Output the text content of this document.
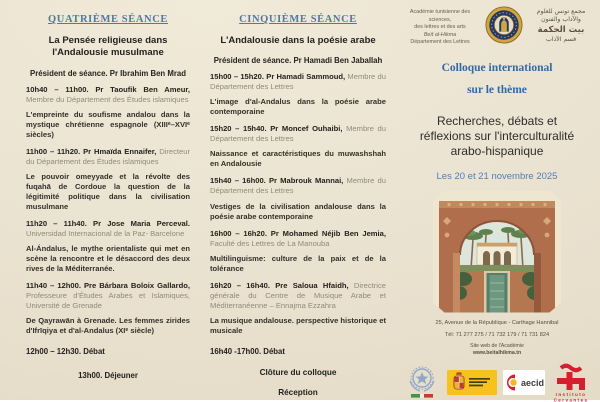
QUATRIÈME SÉANCE
La Pensée religieuse dans l'Andalousie musulmane
Président de séance. Pr Ibrahim Ben Mrad

10h40 – 11h00. Pr Taoufik Ben Ameur, Membre du Département des Études islamiques

L'empreinte du soufisme andalou dans la mystique chrétienne espagnole (XIIIᵉ–XVIᵉ siècles)

11h00 – 11h20. Pr Hmaïda Ennaifer, Directeur du Département des Études islamiques

Le pouvoir omeyyade et la révolte des fuqahā de Cordoue la question de la légitimité politique dans la civilisation musulmane

11h20 – 11h40. Pr Jose Maria Perceval. Universidad Internacional de la Paz- Barcelone

Al-Ándalus, le mythe orientaliste qui met en scène la rencontre et le désaccord des deux rives de la Méditerranée.

11h40 – 12h00. Pre Bárbara Boloix Gallardo, Professeure d'Études Arabes et Islamiques, Université de Grenade

De Qayrawān à Grenade. Les femmes zirides d'Ifrīqiya et d'al-Andalus (XIᵉ siècle)

12h00 – 12h30. Débat
13h00. Déjeuner
CINQUIÈME SÉANCE
L'Andalousie dans la poésie arabe
Président de séance. Pr Hamadi Ben Jaballah

15h00 – 15h20. Pr Hamadi Sammoud, Membre du Département des Lettres

L'image d'al-Andalus dans la poésie arabe contemporaine

15h20 – 15h40. Pr Moncef Ouhaibi, Membre du Département des Lettres

Naissance et caractéristiques du muwashshah en Andalousie

15h40 – 16h00. Pr Mabrouk Mannai, Membre du Département des Lettres

Vestiges de la civilisation andalouse dans la poésie arabe contemporaine

16h00 – 16h20. Pr Mohamed Néjib Ben Jemia, Faculté des Lettres de La Manouba

Multilinguisme: culture de la paix et de la tolérance

16h20 – 16h40. Pre Saloua Hfaidh, Directrice générale du Centre de Musique Arabe et Méditerranéenne – Ennajma Ezzahra

La musique andalouse. perspective historique et musicale

16h40 -17h00. Débat
Clôture du colloque
Réception
Académie tunisienne des sciences,
des lettres et des arts
Beït al-Hikma
Département des Lettres
مجمع تونس للعلوم والآداب والفنون
بيت الحكمة
قسم الآداب
Colloque international
sur le thème
Recherches, débats et réflexions sur l'interculturalité arabo-hispanique
Les 20 et 21 novembre 2025
25, Avenue de la République - Carthage Hannibal
Tél: 71 277 275 / 71 732 179 / 71 731 824
Site web de l'Académie
www.beitalhikma.tn
aecid
Instituto
Cervantes
